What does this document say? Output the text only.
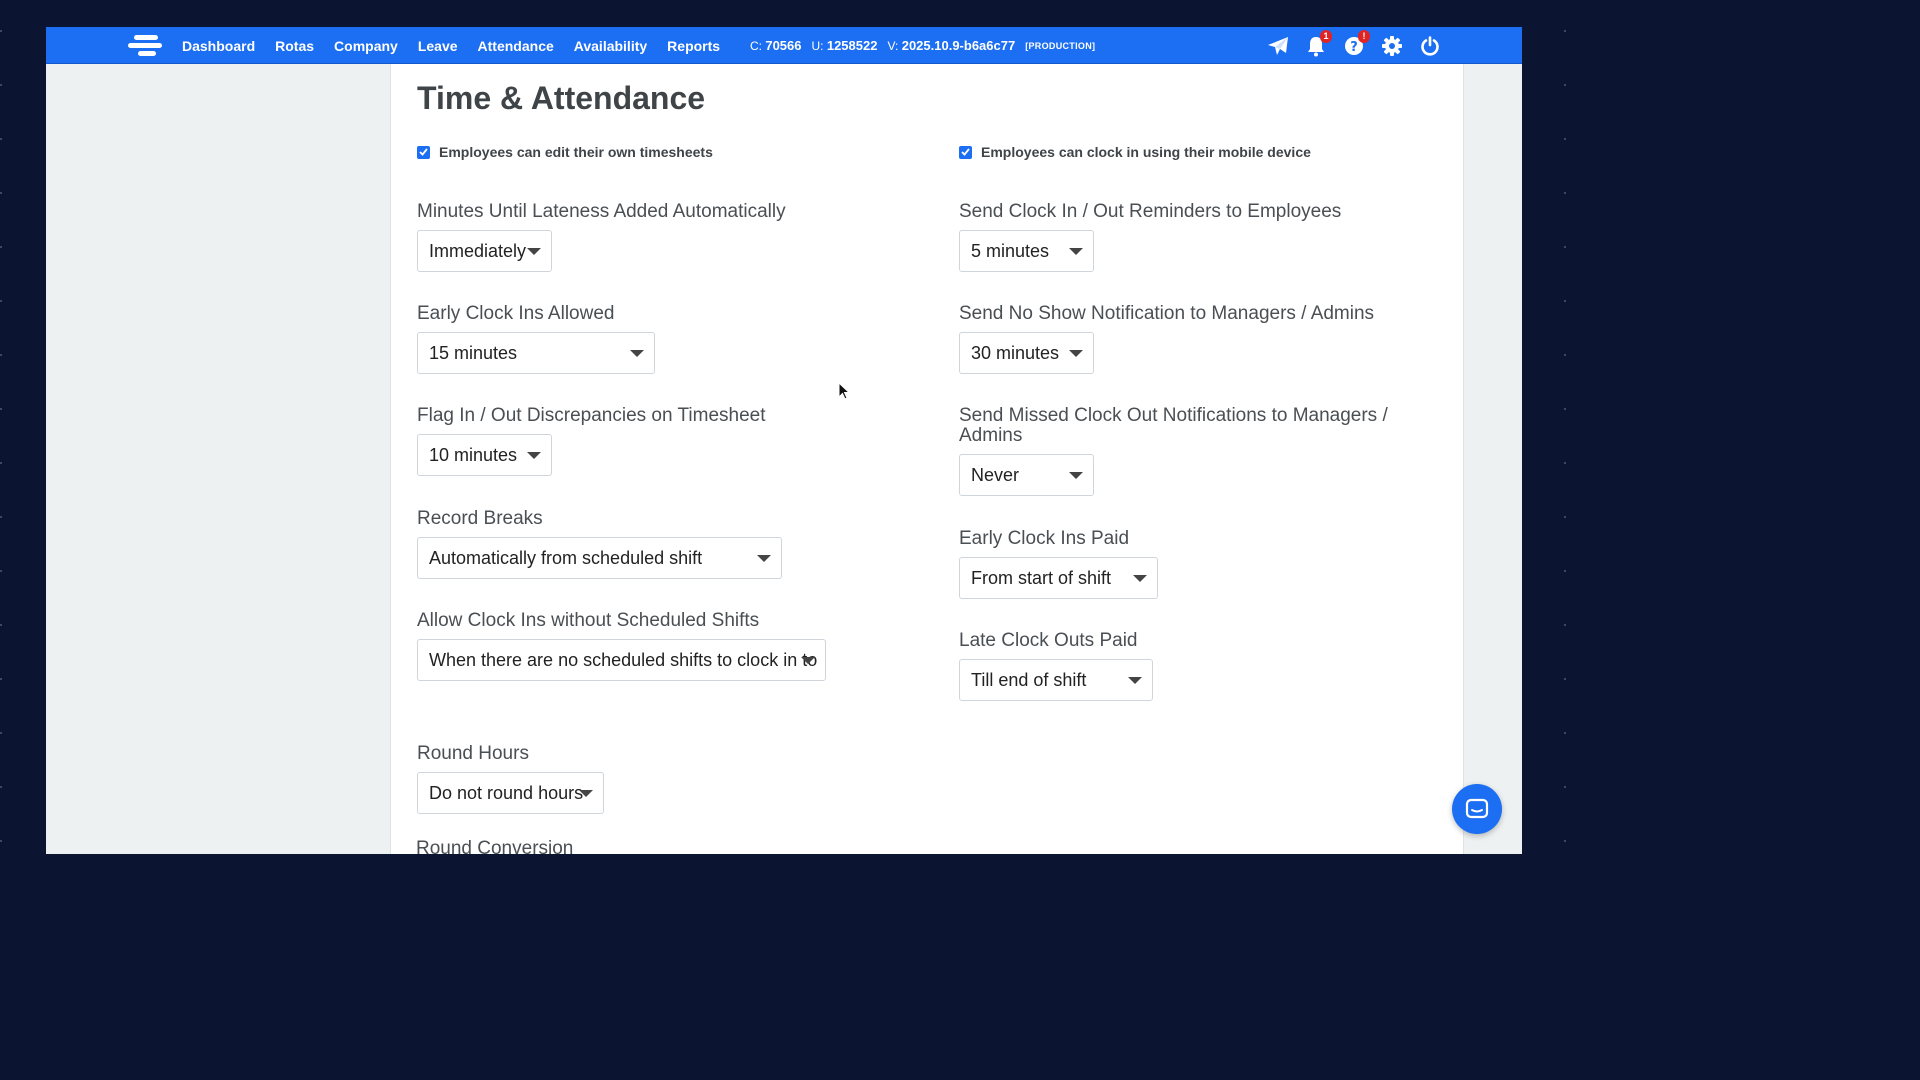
Dashboard Rotas Company Leave Attendance Availability Reports C: 70566 U: 1258522 V: 2025.10.9-b6a6c77 [PRODUCTION]
1
?
!
Time & Attendance
Employees can edit their own timesheets	Employees can clock in using their mobile device
Minutes Until Lateness Added Automatically
Immediately
Early Clock Ins Allowed
15 minutes
Flag In / Out Discrepancies on Timesheet
10 minutes
Record Breaks
Automatically from scheduled shift
Allow Clock Ins without Scheduled Shifts
When there are no scheduled shifts to clock in to
Round Hours
Do not round hours
Send Clock In / Out Reminders to Employees
5 minutes
Send No Show Notification to Managers / Admins
30 minutes
Send Missed Clock Out Notifications to Managers / Admins
Never
Early Clock Ins Paid
From start of shift
Late Clock Outs Paid
Till end of shift
Round Conversion
